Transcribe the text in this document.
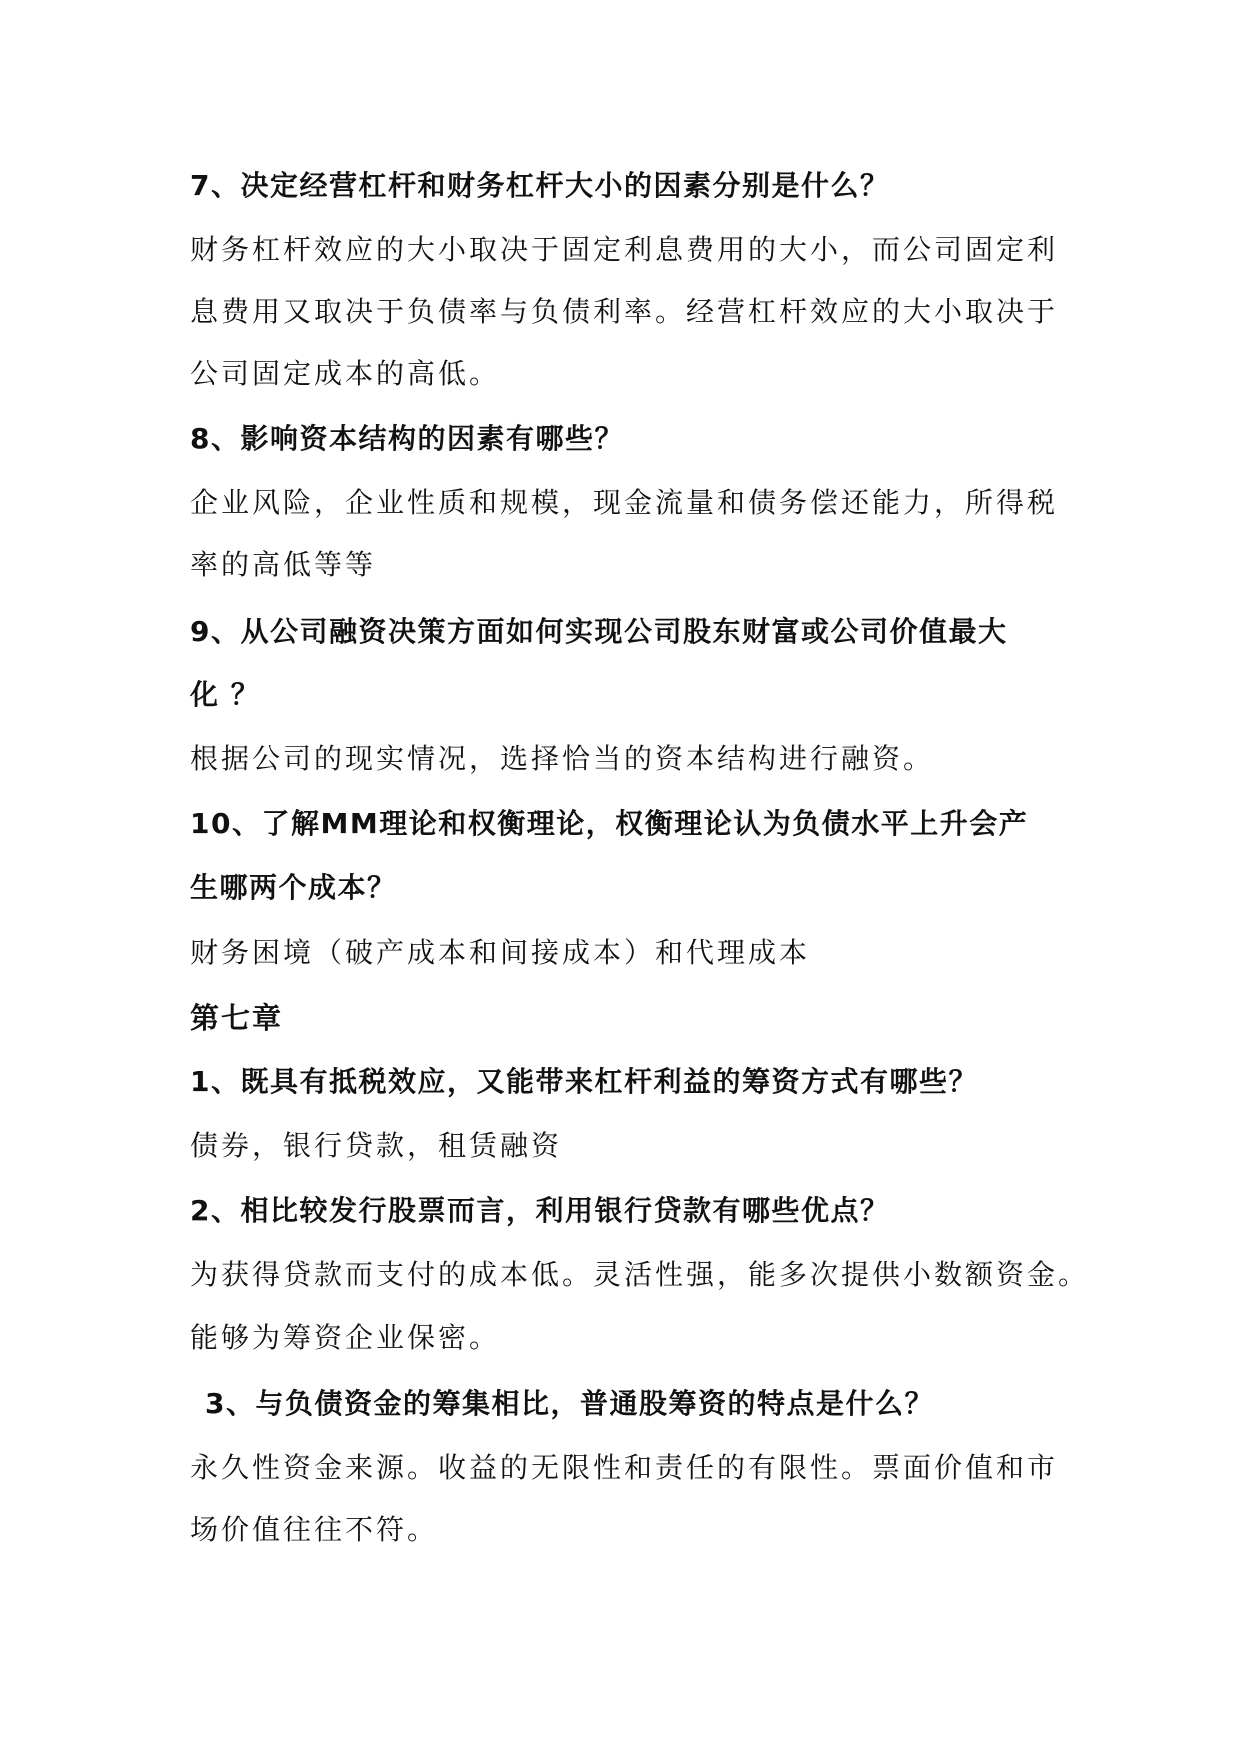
7、决定经营杠杆和财务杠杆大小的因素分别是什么？
财务杠杆效应的大小取决于固定利息费用的大小，而公司固定利
息费用又取决于负债率与负债利率。经营杠杆效应的大小取决于
公司固定成本的高低。
8、影响资本结构的因素有哪些？
企业风险，企业性质和规模，现金流量和债务偿还能力，所得税
率的高低等等
9、从公司融资决策方面如何实现公司股东财富或公司价值最大
化 ？
根据公司的现实情况，选择恰当的资本结构进行融资。
10、了解MM理论和权衡理论，权衡理论认为负债水平上升会产
生哪两个成本？
财务困境（破产成本和间接成本）和代理成本
第七章
1、既具有抵税效应，又能带来杠杆利益的筹资方式有哪些？
债券，银行贷款，租赁融资
2、相比较发行股票而言，利用银行贷款有哪些优点？
为获得贷款而支付的成本低。灵活性强，能多次提供小数额资金。
能够为筹资企业保密。
3、与负债资金的筹集相比，普通股筹资的特点是什么？
永久性资金来源。收益的无限性和责任的有限性。票面价值和市
场价值往往不符。
